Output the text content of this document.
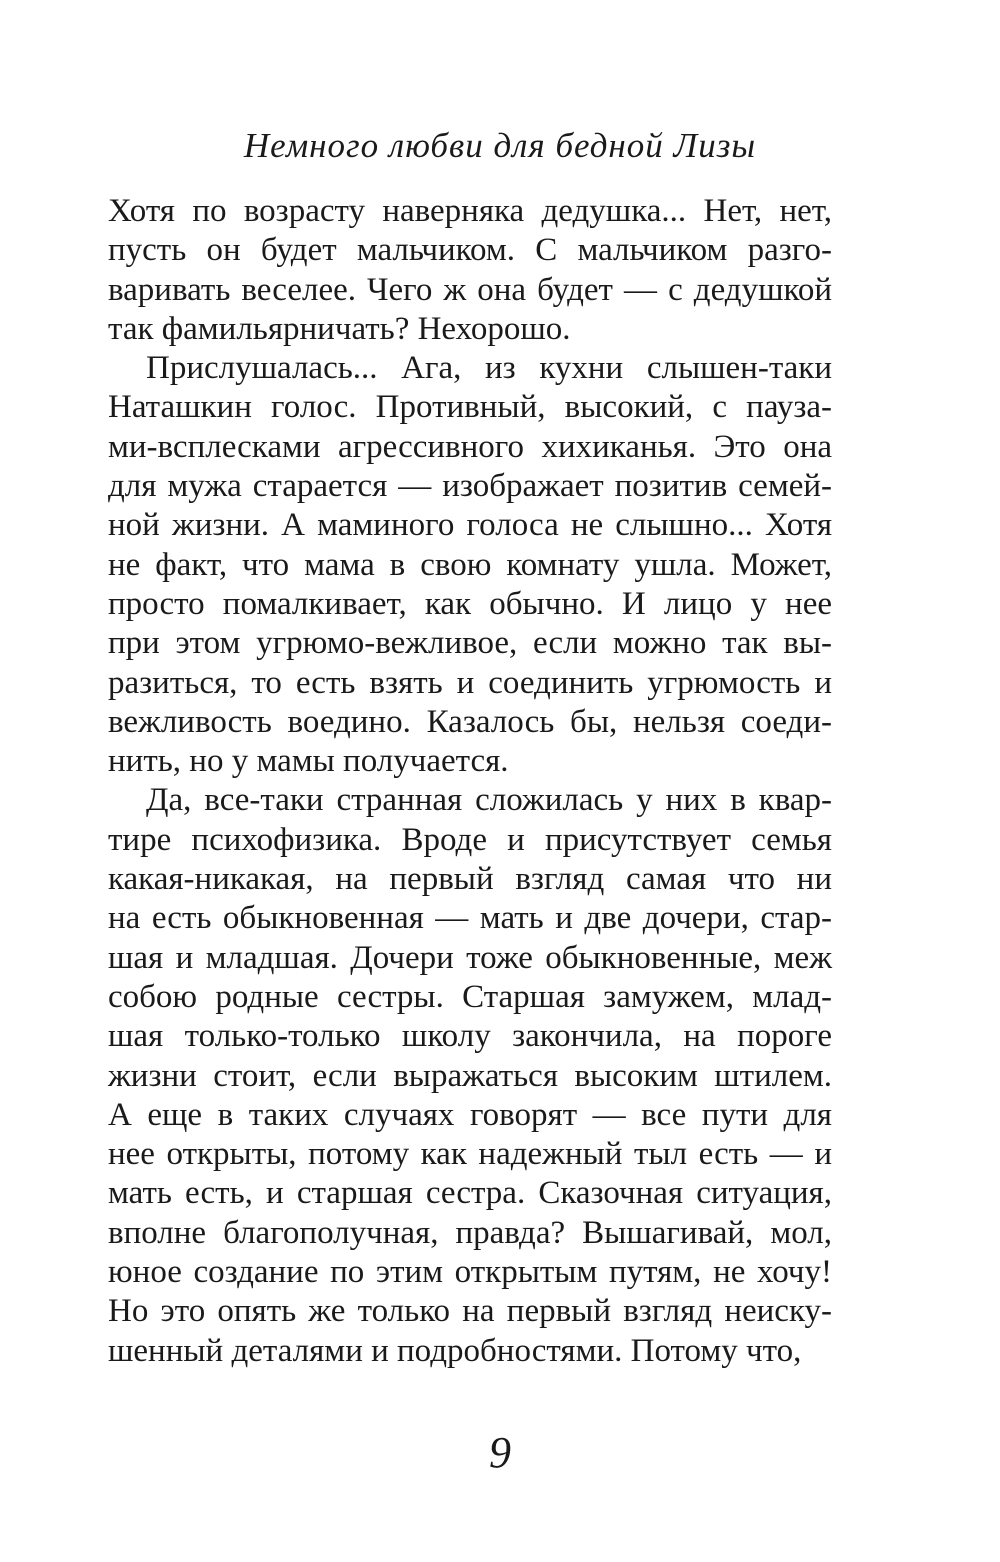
Немного любви для бедной Лизы
Хотя по возрасту наверняка дедушка... Нет, нет,
пусть он будет мальчиком. С мальчиком разго-
варивать веселее. Чего ж она будет — с дедушкой
так фамильярничать? Нехорошо.
Прислушалась... Ага, из кухни слышен-таки
Наташкин голос. Противный, высокий, с пауза-
ми-всплесками агрессивного хихиканья. Это она
для мужа старается — изображает позитив семей-
ной жизни. А маминого голоса не слышно... Хотя
не факт, что мама в свою комнату ушла. Может,
просто помалкивает, как обычно. И лицо у нее
при этом угрюмо-вежливое, если можно так вы-
разиться, то есть взять и соединить угрюмость и
вежливость воедино. Казалось бы, нельзя соеди-
нить, но у мамы получается.
Да, все-таки странная сложилась у них в квар-
тире психофизика. Вроде и присутствует семья
какая-никакая, на первый взгляд самая что ни
на есть обыкновенная — мать и две дочери, стар-
шая и младшая. Дочери тоже обыкновенные, меж
собою родные сестры. Старшая замужем, млад-
шая только-только школу закончила, на пороге
жизни стоит, если выражаться высоким штилем.
А еще в таких случаях говорят — все пути для
нее открыты, потому как надежный тыл есть — и
мать есть, и старшая сестра. Сказочная ситуация,
вполне благополучная, правда? Вышагивай, мол,
юное создание по этим открытым путям, не хочу!
Но это опять же только на первый взгляд неиску-
шенный деталями и подробностями. Потому что,
9
